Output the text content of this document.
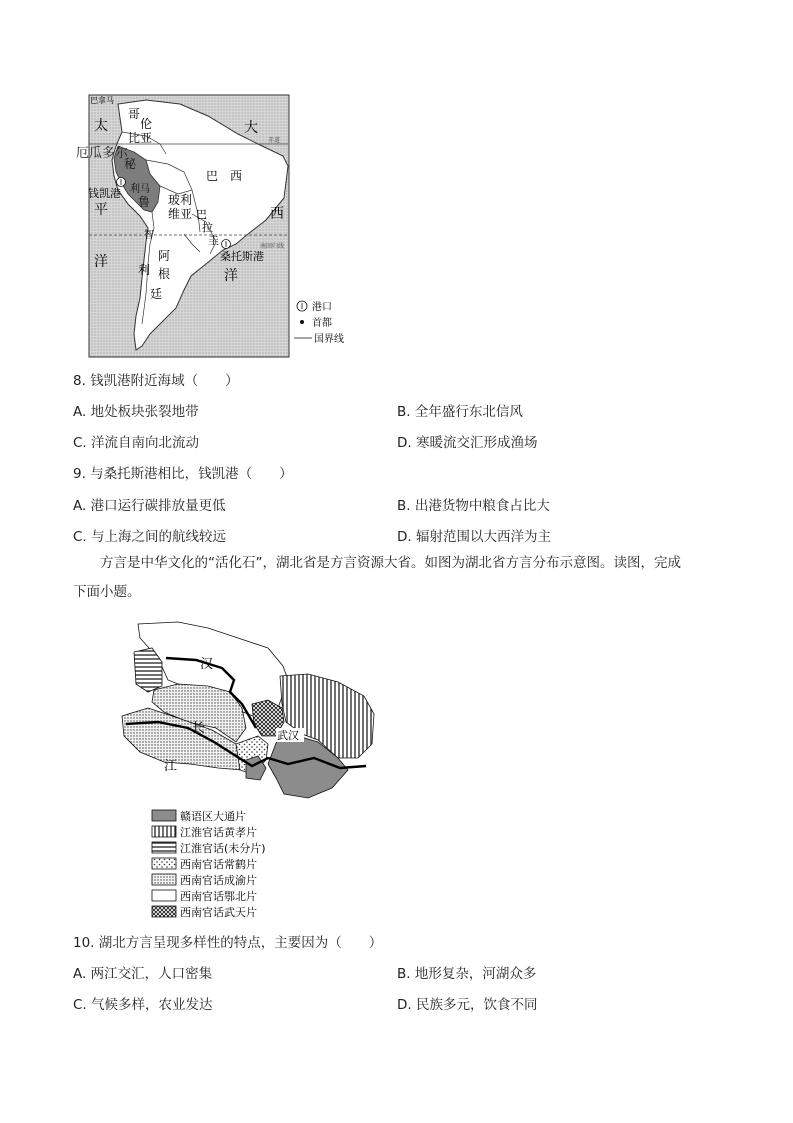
赤道
南回归线
巴拿马
太
平
洋
大
西
洋
哥
伦
比亚
巴　西
玻利
维亚 巴
拉
圭
智
利
阿
根
廷
秘
鲁
利马
钱凯港
桑托斯港
港口
首都
国界线
厄瓜多尔
8. 钱凯港附近海域（　　）
A. 地处板块张裂地带	B. 全年盛行东北信风
C. 洋流自南向北流动	D. 寒暖流交汇形成渔场
9. 与桑托斯港相比，钱凯港（　　）
A. 港口运行碳排放量更低	B. 出港货物中粮食占比大
C. 与上海之间的航线较远	D. 辐射范围以大西洋为主
方言是中华文化的“活化石”，湖北省是方言资源大省。如图为湖北省方言分布示意图。读图，完成
下面小题。
汉
长
江
武汉
赣语区大通片
江淮官话黄孝片
江淮官话(未分片)
西南官话常鹤片
西南官话成渝片
西南官话鄂北片
西南官话武天片
10. 湖北方言呈现多样性的特点，主要因为（　　）
A. 两江交汇，人口密集	B. 地形复杂，河湖众多
C. 气候多样，农业发达	D. 民族多元，饮食不同
